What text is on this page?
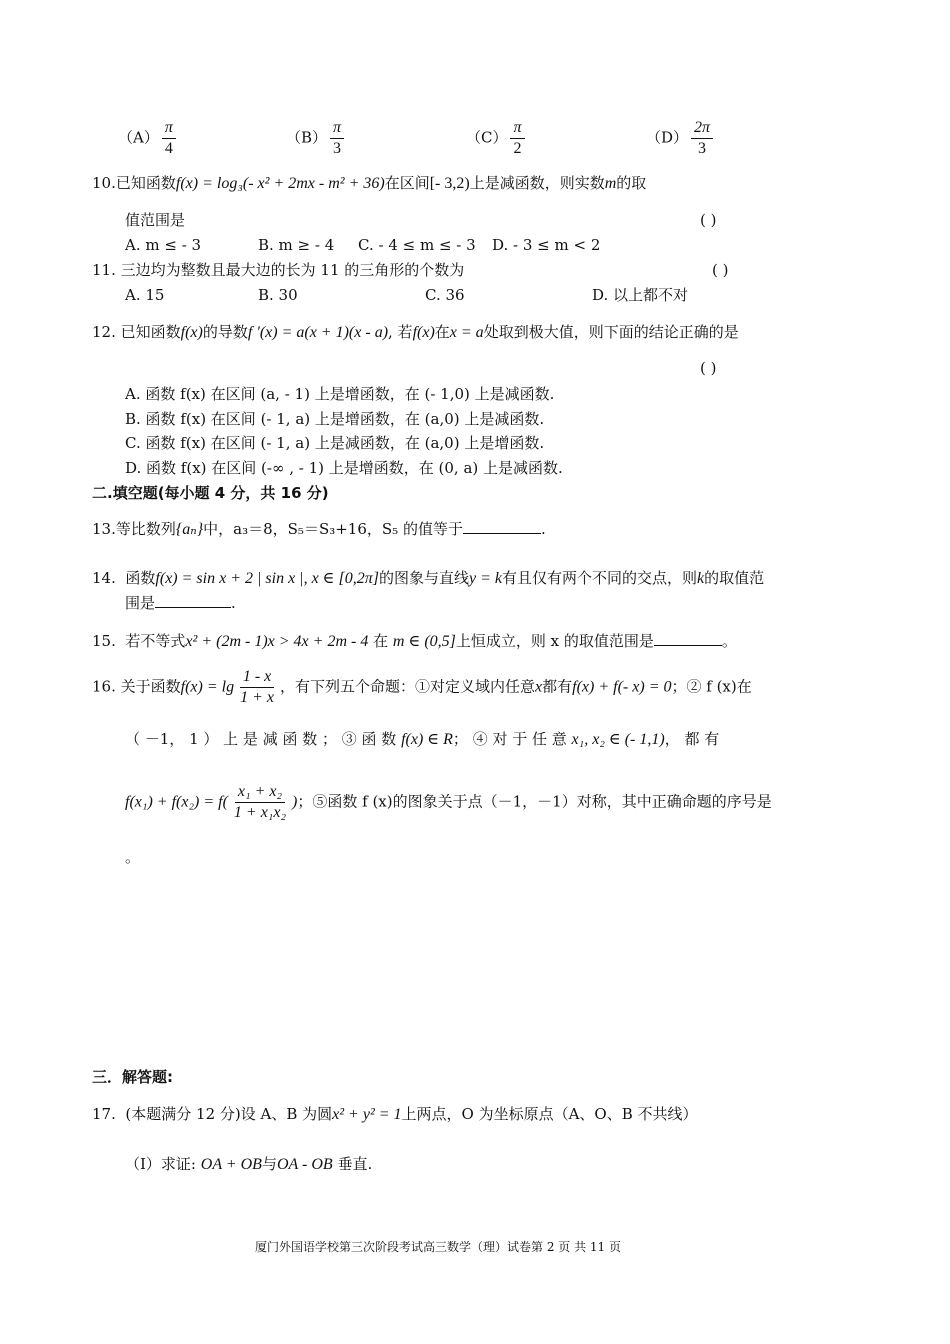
$(A) \frac{\pi}{4}$	$(B) \frac{\pi}{3}$	$(C) \frac{\pi}{2}$	$(D) \frac{2\pi}{3}$
10.已知函数f(x) = log₃(- x² + 2mx - m² + 36)在区间[- 3,2)上是减函数，则实数m的取
值范围是	( )
A. m ≤ - 3	B. m ≥ - 4 C. - 4 ≤ m ≤ - 3 D. - 3 ≤ m < 2
11. 三边均为整数且最大边的长为 11 的三角形的个数为	( )
A. 15	B. 30	C. 36	D. 以上都不对
12. 已知函数f(x)的导数f ′(x) = a(x + 1)(x - a), 若f(x)在x = a处取到极大值，则下面的结论正确的是
( )
A. 函数 f(x) 在区间 (a, - 1) 上是增函数，在 (- 1,0) 上是减函数.
B. 函数 f(x) 在区间 (- 1, a) 上是增函数，在 (a,0) 上是减函数.
C. 函数 f(x) 在区间 (- 1, a) 上是减函数，在 (a,0) 上是增函数.
D. 函数 f(x) 在区间 (-∞ , - 1) 上是增函数，在 (0, a) 上是减函数.
二.填空题(每小题 4 分，共 16 分)
13.等比数列{aₙ}中，a₃＝8，S₅＝S₃+16，S₅ 的值等于	.
14. 函数f(x) = sin x + 2 | sin x |, x ∈ [0,2π]的图象与直线y = k有且仅有两个不同的交点，则k的取值范
围是	.
15. 若不等式x² + (2m - 1)x > 4x + 2m - 4 在 m ∈ (0,5]上恒成立，则 x 的取值范围是	。
16. 关于函数$f(x) = \lg \frac{1 - x}{1 + x}$ ，有下列五个命题：①对定义域内任意x都有f(x) + f(- x) = 0；② f (x)在
（ －1， 1 ） 上 是 减 函 数 ； ③ 函 数 f(x) ∈ R； ④ 对 于 任 意 x₁, x₂ ∈ (- 1,1)， 都 有
$f(x_1) + f(x_2) = f( \frac{\text{x₁ + x₂}}{\text{1 + x₁x₂}}$ )；⑤函数 f (x)的图象关于点（－1，－1）对称，其中正确命题的序号是
。
三．解答题:
17. (本题满分 12 分)设 A、B 为圆x² + y² = 1上两点，O 为坐标原点（A、O、B 不共线）
（Ⅰ）求证: OA + OB与OA - OB 垂直.
厦门外国语学校第三次阶段考试高三数学（理）试卷第 2 页 共 11 页
